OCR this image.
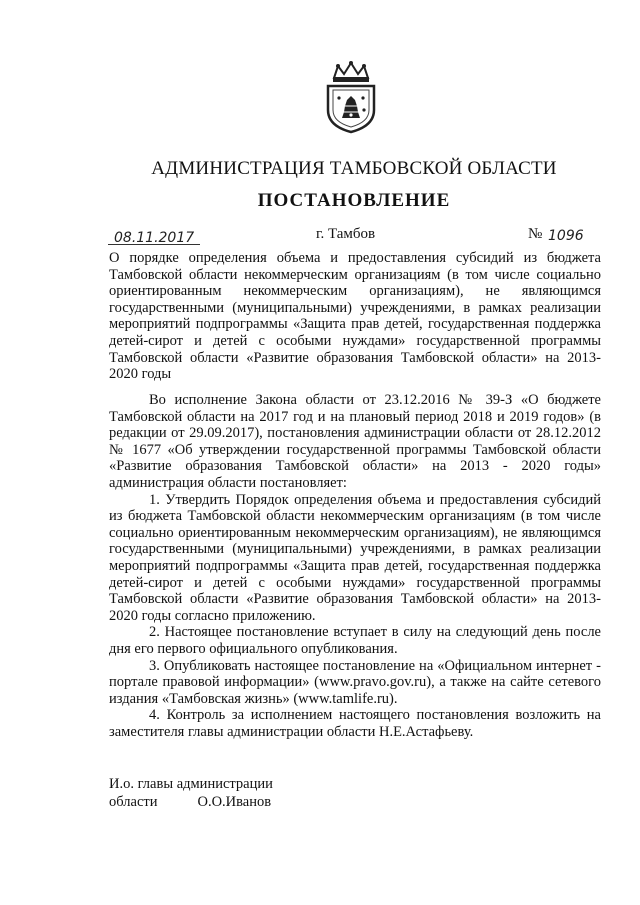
АДМИНИСТРАЦИЯ ТАМБОВСКОЙ ОБЛАСТИ
ПОСТАНОВЛЕНИЕ
08.11.2017	г. Тамбов	№ 1096

О порядке определения объема и предоставления субсидий из бюджета Тамбовской области некоммерческим организациям (в том числе социально ориентированным некоммерческим организациям), не являющимся государственными (муниципальными) учреждениями, в рамках реализации мероприятий подпрограммы «Защита прав детей, государственная поддержка детей-сирот и детей с особыми нуждами» государственной программы Тамбовской области «Развитие образования Тамбовской области» на 2013-2020 годы

Во исполнение Закона области от 23.12.2016 № 39-З «О бюджете Тамбовской области на 2017 год и на плановый период 2018 и 2019 годов» (в редакции от 29.09.2017), постановления администрации области от 28.12.2012 № 1677 «Об утверждении государственной программы Тамбовской области «Развитие образования Тамбовской области» на 2013 - 2020 годы» администрация области постановляет:

1. Утвердить Порядок определения объема и предоставления субсидий из бюджета Тамбовской области некоммерческим организациям (в том числе социально ориентированным некоммерческим организациям), не являющимся государственными (муниципальными) учреждениями, в рамках реализации мероприятий подпрограммы «Защита прав детей, государственная поддержка детей-сирот и детей с особыми нуждами» государственной программы Тамбовской области «Развитие образования Тамбовской области» на 2013-2020 годы согласно приложению.

2. Настоящее постановление вступает в силу на следующий день после дня его первого официального опубликования.

3. Опубликовать настоящее постановление на «Официальном интернет - портале правовой информации» (www.pravo.gov.ru), а также на сайте сетевого издания «Тамбовская жизнь» (www.tamlife.ru).

4. Контроль за исполнением настоящего постановления возложить на заместителя главы администрации области Н.Е.Астафьеву.

И.о. главы администрации
области	О.О.Иванов
